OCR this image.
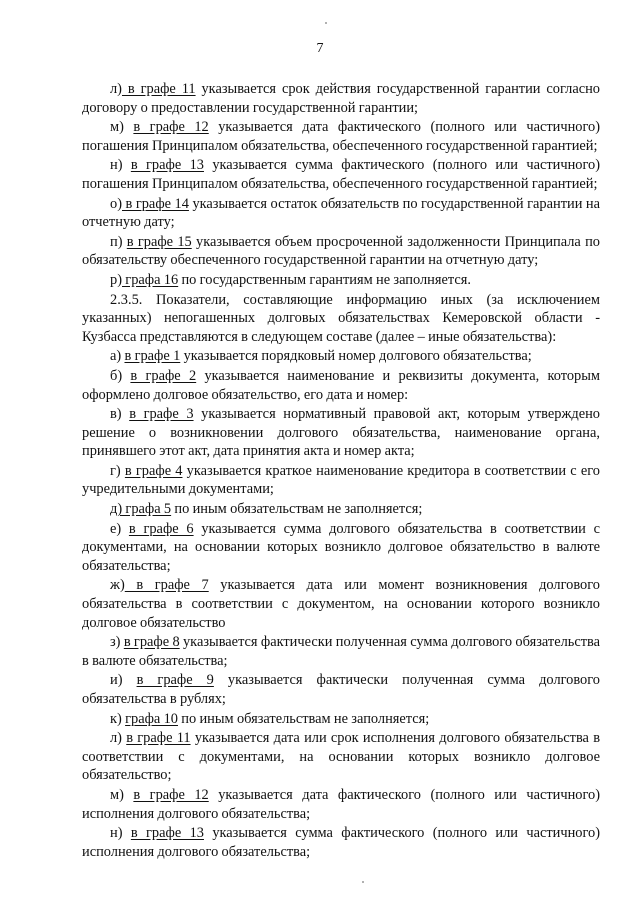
7

л) в графе 11 указывается срок действия государственной гарантии согласно договору о предоставлении государственной гарантии;

м) в графе 12 указывается дата фактического (полного или частичного) погашения Принципалом обязательства, обеспеченного государственной гарантией;

н) в графе 13 указывается сумма фактического (полного или частичного) погашения Принципалом обязательства, обеспеченного государственной гарантией;

о) в графе 14 указывается остаток обязательств по государственной гарантии на отчетную дату;

п) в графе 15 указывается объем просроченной задолженности Принципала по обязательству обеспеченного государственной гарантии на отчетную дату;

р) графа 16 по государственным гарантиям не заполняется.

2.3.5. Показатели, составляющие информацию иных (за исключением указанных) непогашенных долговых обязательствах Кемеровской области - Кузбасса представляются в следующем составе (далее – иные обязательства):

а) в графе 1 указывается порядковый номер долгового обязательства;

б) в графе 2 указывается наименование и реквизиты документа, которым оформлено долговое обязательство, его дата и номер:

в) в графе 3 указывается нормативный правовой акт, которым утверждено решение о возникновении долгового обязательства, наименование органа, принявшего этот акт, дата принятия акта и номер акта;

г) в графе 4 указывается краткое наименование кредитора в соответствии с его учредительными документами;

д) графа 5 по иным обязательствам не заполняется;

е) в графе 6 указывается сумма долгового обязательства в соответствии с документами, на основании которых возникло долговое обязательство в валюте обязательства;

ж) в графе 7 указывается дата или момент возникновения долгового обязательства в соответствии с документом, на основании которого возникло долговое обязательство

з) в графе 8 указывается фактически полученная сумма долгового обязательства в валюте обязательства;

и) в графе 9 указывается фактически полученная сумма долгового обязательства в рублях;

к) графа 10 по иным обязательствам не заполняется;

л) в графе 11 указывается дата или срок исполнения долгового обязательства в соответствии с документами, на основании которых возникло долговое обязательство;

м) в графе 12 указывается дата фактического (полного или частичного) исполнения долгового обязательства;

н) в графе 13 указывается сумма фактического (полного или частичного) исполнения долгового обязательства;
